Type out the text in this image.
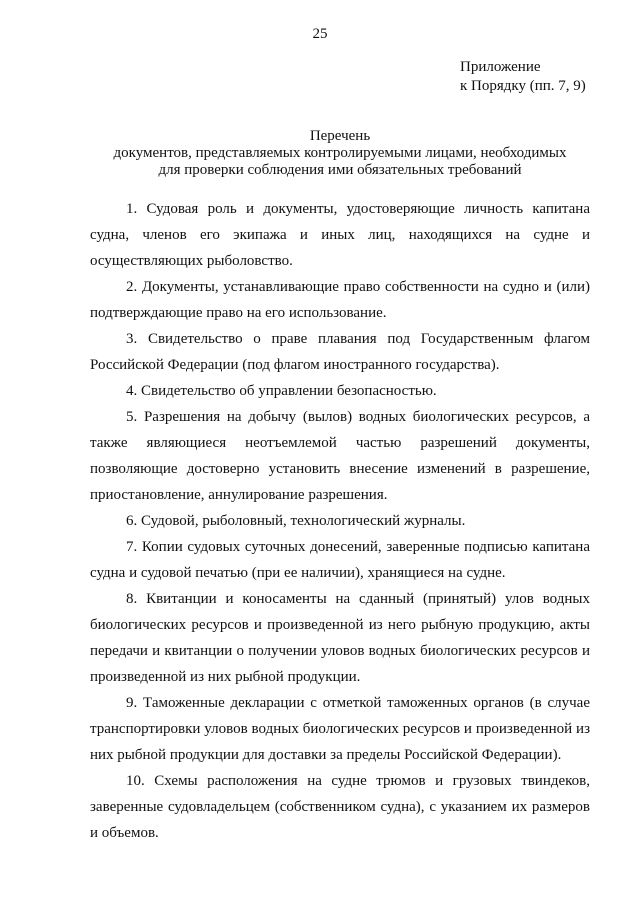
25
Приложение
к Порядку (пп. 7, 9)
Перечень
документов, представляемых контролируемыми лицами, необходимых
для проверки соблюдения ими обязательных требований

1. Судовая роль и документы, удостоверяющие личность капитана судна, членов его экипажа и иных лиц, находящихся на судне и осуществляющих рыболовство.

2. Документы, устанавливающие право собственности на судно и (или) подтверждающие право на его использование.

3. Свидетельство о праве плавания под Государственным флагом Российской Федерации (под флагом иностранного государства).

4. Свидетельство об управлении безопасностью.

5. Разрешения на добычу (вылов) водных биологических ресурсов, а также являющиеся неотъемлемой частью разрешений документы, позволяющие достоверно установить внесение изменений в разрешение, приостановление, аннулирование разрешения.

6. Судовой, рыболовный, технологический журналы.

7. Копии судовых суточных донесений, заверенные подписью капитана судна и судовой печатью (при ее наличии), хранящиеся на судне.

8. Квитанции и коносаменты на сданный (принятый) улов водных биологических ресурсов и произведенной из него рыбную продукцию, акты передачи и квитанции о получении уловов водных биологических ресурсов и произведенной из них рыбной продукции.

9. Таможенные декларации с отметкой таможенных органов (в случае транспортировки уловов водных биологических ресурсов и произведенной из них рыбной продукции для доставки за пределы Российской Федерации).

10. Схемы расположения на судне трюмов и грузовых твиндеков, заверенные судовладельцем (собственником судна), с указанием их размеров и объемов.
